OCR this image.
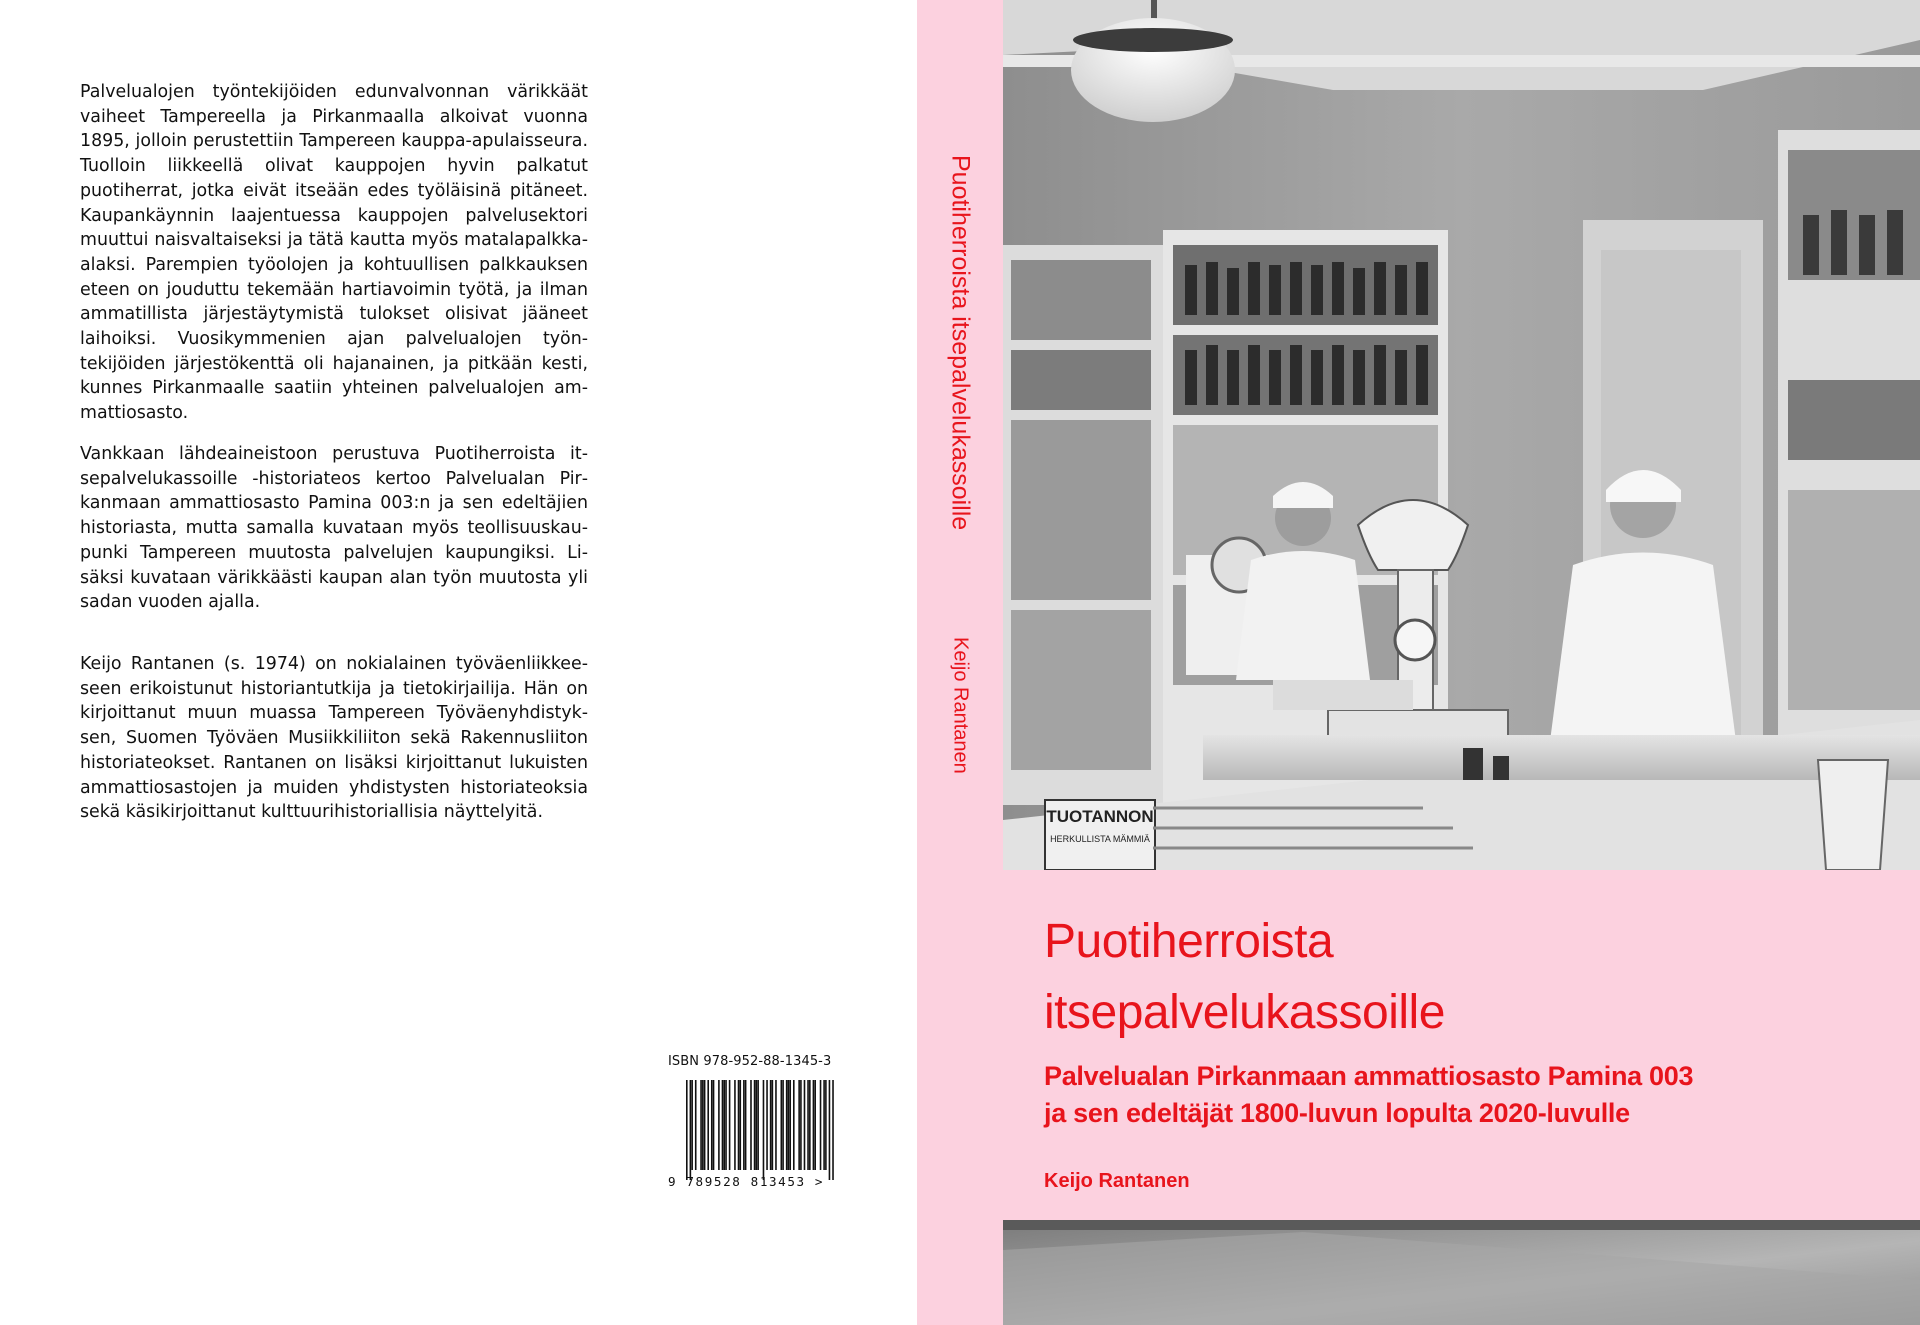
Palvelualojen työntekijöiden edunvalvonnan värikkäät vaiheet Tampereella ja Pirkanmaalla alkoivat vuonna 1895, jolloin perustettiin Tampereen kauppa-apulaisseura. Tuolloin liikkeellä olivat kauppojen hyvin palkatut puotiherrat, jotka eivät itseään edes työläisinä pitäneet. Kaupankäynnin laajentuessa kauppojen palvelusektori muuttui naisvaltaiseksi ja tätä kautta myös matalapalkka-alaksi. Parempien työolojen ja kohtuullisen palkkauksen eteen on jouduttu tekemään hartiavoimin työtä, ja ilman ammatillista järjestäytymistä tulokset olisivat jääneet laihoiksi. Vuosikymmenien ajan palvelualojen työntekijöiden järjestökenttä oli hajanainen, ja pitkään kesti, kunnes Pirkanmaalle saatiin yhteinen palvelualojen ammattiosasto.

Vankkaan lähdeaineistoon perustuva Puotiherroista itsepalvelukassoille -historiateos kertoo Palvelualan Pirkanmaan ammattiosasto Pamina 003:n ja sen edeltäjien historiasta, mutta samalla kuvataan myös teollisuuskaupunki Tampereen muutosta palvelujen kaupungiksi. Lisäksi kuvataan värikkäästi kaupan alan työn muutosta yli sadan vuoden ajalla.

Keijo Rantanen (s. 1974) on nokialainen työväenliikkeeseen erikoistunut historiantutkija ja tietokirjailija. Hän on kirjoittanut muun muassa Tampereen Työväenyhdistyksen, Suomen Työväen Musiikkiliiton sekä Rakennusliiton historiateokset. Rantanen on lisäksi kirjoittanut lukuisten ammattiosastojen ja muiden yhdistysten historiateoksia sekä käsikirjoittanut kulttuurihistoriallisia näyttelyitä.

ISBN 978-952-88-1345-3
9 789528 813453 >
Puotiherroista itsepalvelukassoille
Keijo Rantanen
TUOTANNON
HERKULLISTA MÄMMIÄ
Puotiherroista
itsepalvelukassoille
Palvelualan Pirkanmaan ammattiosasto Pamina 003
ja sen edeltäjät 1800-luvun lopulta 2020-luvulle
Keijo Rantanen
